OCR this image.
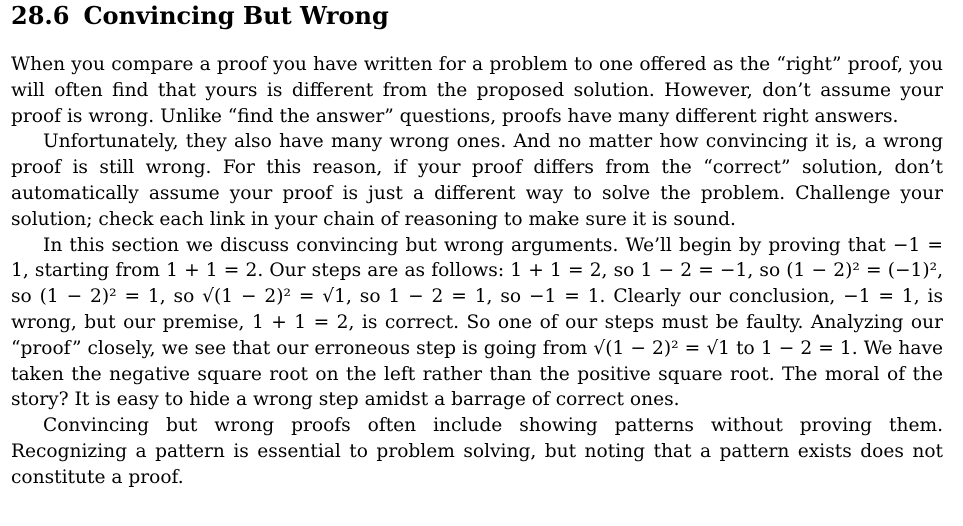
28.6 Convincing But Wrong

When you compare a proof you have written for a problem to one offered as the “right” proof, you will often find that yours is different from the proposed solution. However, don’t assume your proof is wrong. Unlike “find the answer” questions, proofs have many different right answers.

Unfortunately, they also have many wrong ones. And no matter how convincing it is, a wrong proof is still wrong. For this reason, if your proof differs from the “correct” solution, don’t automatically assume your proof is just a different way to solve the problem. Challenge your solution; check each link in your chain of reasoning to make sure it is sound.

In this section we discuss convincing but wrong arguments. We’ll begin by proving that −1 = 1, starting from 1 + 1 = 2. Our steps are as follows: 1 + 1 = 2, so 1 − 2 = −1, so (1 − 2)² = (−1)², so (1 − 2)² = 1, so √(1 − 2)² = √1, so 1 − 2 = 1, so −1 = 1. Clearly our conclusion, −1 = 1, is wrong, but our premise, 1 + 1 = 2, is correct. So one of our steps must be faulty. Analyzing our “proof” closely, we see that our erroneous step is going from √(1 − 2)² = √1 to 1 − 2 = 1. We have taken the negative square root on the left rather than the positive square root. The moral of the story? It is easy to hide a wrong step amidst a barrage of correct ones.

Convincing but wrong proofs often include showing patterns without proving them. Recognizing a pattern is essential to problem solving, but noting that a pattern exists does not constitute a proof.
